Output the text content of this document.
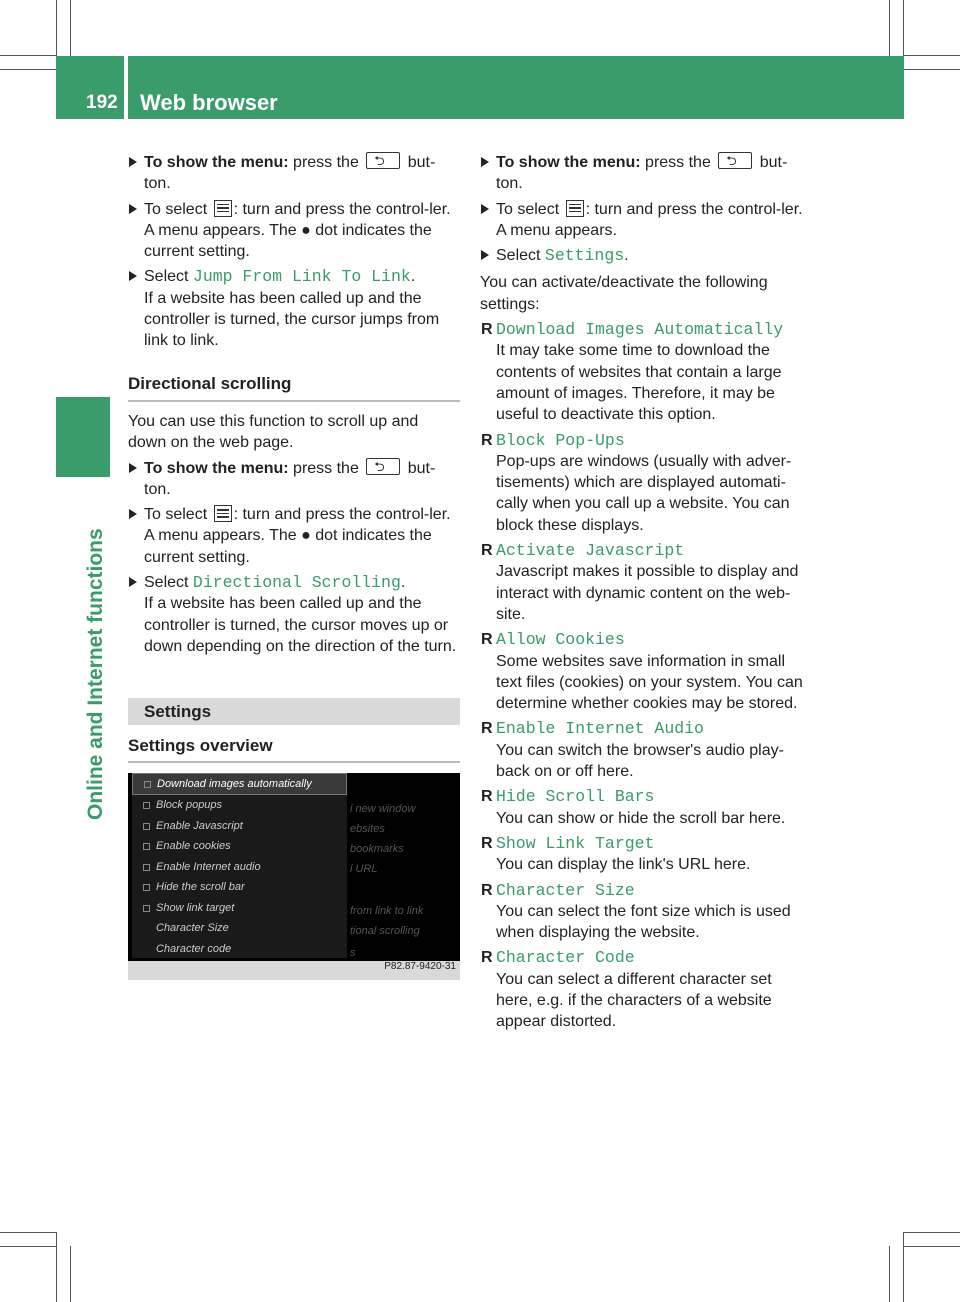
192 Web browser
Online and Internet functions
To show the menu: press the ⮌ but-ton.
To select
: turn and press the control-ler.
A menu appears. The ● dot indicates the current setting.
Select Jump From Link To Link.
If a website has been called up and the controller is turned, the cursor jumps from link to link.
Directional scrolling
You can use this function to scroll up and down on the web page.
To show the menu: press the ⮌ but-ton.
To select
: turn and press the control-ler.
A menu appears. The ● dot indicates the current setting.
Select Directional Scrolling.
If a website has been called up and the controller is turned, the cursor moves up or down depending on the direction of the turn.
Settings
Settings overview
Download images automatically
Block popups
Enable Javascript
Enable cookies
Enable Internet audio
Hide the scroll bar
Show link target
Character Size
Character code
i new window
ebsites
bookmarks
i URL
from link to link
tional scrolling
s
P82.87-9420-31
To show the menu: press the ⮌ but-ton.
To select
: turn and press the control-ler.
A menu appears.
Select Settings.
You can activate/deactivate the following settings:
R Download Images Automatically
It may take some time to download the contents of websites that contain a large amount of images. Therefore, it may be useful to deactivate this option.
R Block Pop-Ups
Pop-ups are windows (usually with adver-tisements) which are displayed automati-cally when you call up a website. You can block these displays.
R Activate Javascript
Javascript makes it possible to display and interact with dynamic content on the web-site.
R Allow Cookies
Some websites save information in small text files (cookies) on your system. You can determine whether cookies may be stored.
R Enable Internet Audio
You can switch the browser's audio play-back on or off here.
R Hide Scroll Bars
You can show or hide the scroll bar here.
R Show Link Target
You can display the link's URL here.
R Character Size
You can select the font size which is used when displaying the website.
R Character Code
You can select a different character set here, e.g. if the characters of a website appear distorted.
